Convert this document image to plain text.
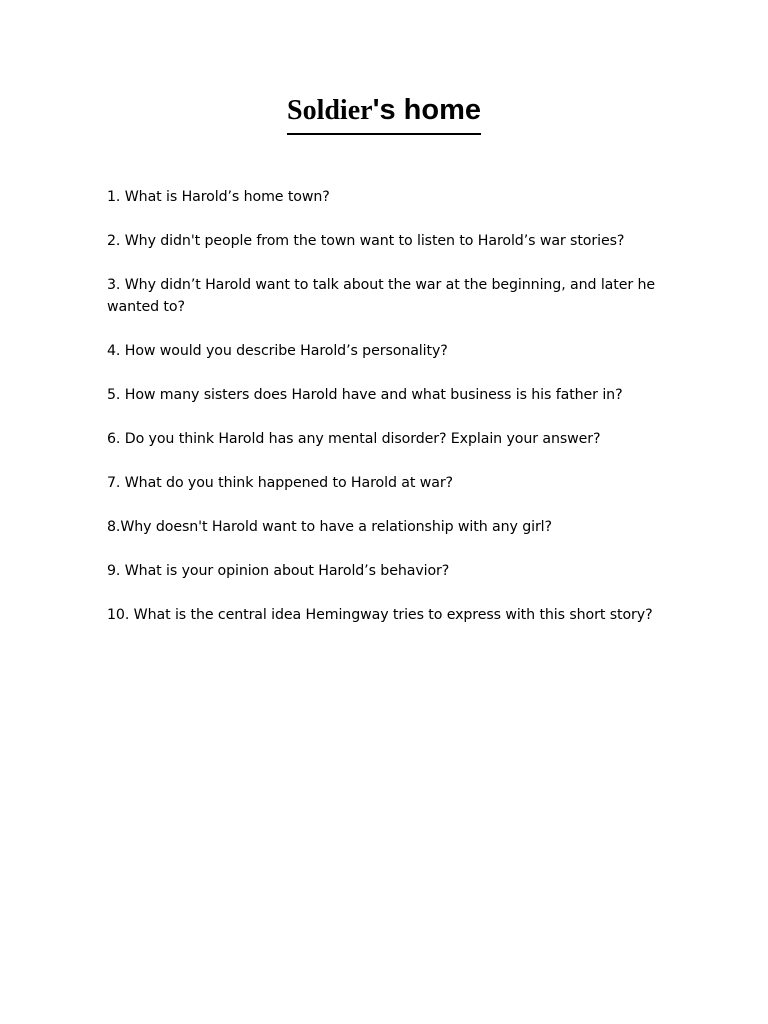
Soldier's home
1. What is Harold’s home town?
2. Why didn't people from the town want to listen to Harold’s war stories?
3. Why didn’t Harold want to talk about the war at the beginning, and later he wanted to?
4. How would you describe Harold’s personality?
5. How many sisters does Harold have and what business is his father in?
6. Do you think Harold has any mental disorder? Explain your answer?
7. What do you think happened to Harold at war?
8.Why doesn't Harold want to have a relationship with any girl?
9. What is your opinion about Harold’s behavior?
10. What is the central idea Hemingway tries to express with this short story?
